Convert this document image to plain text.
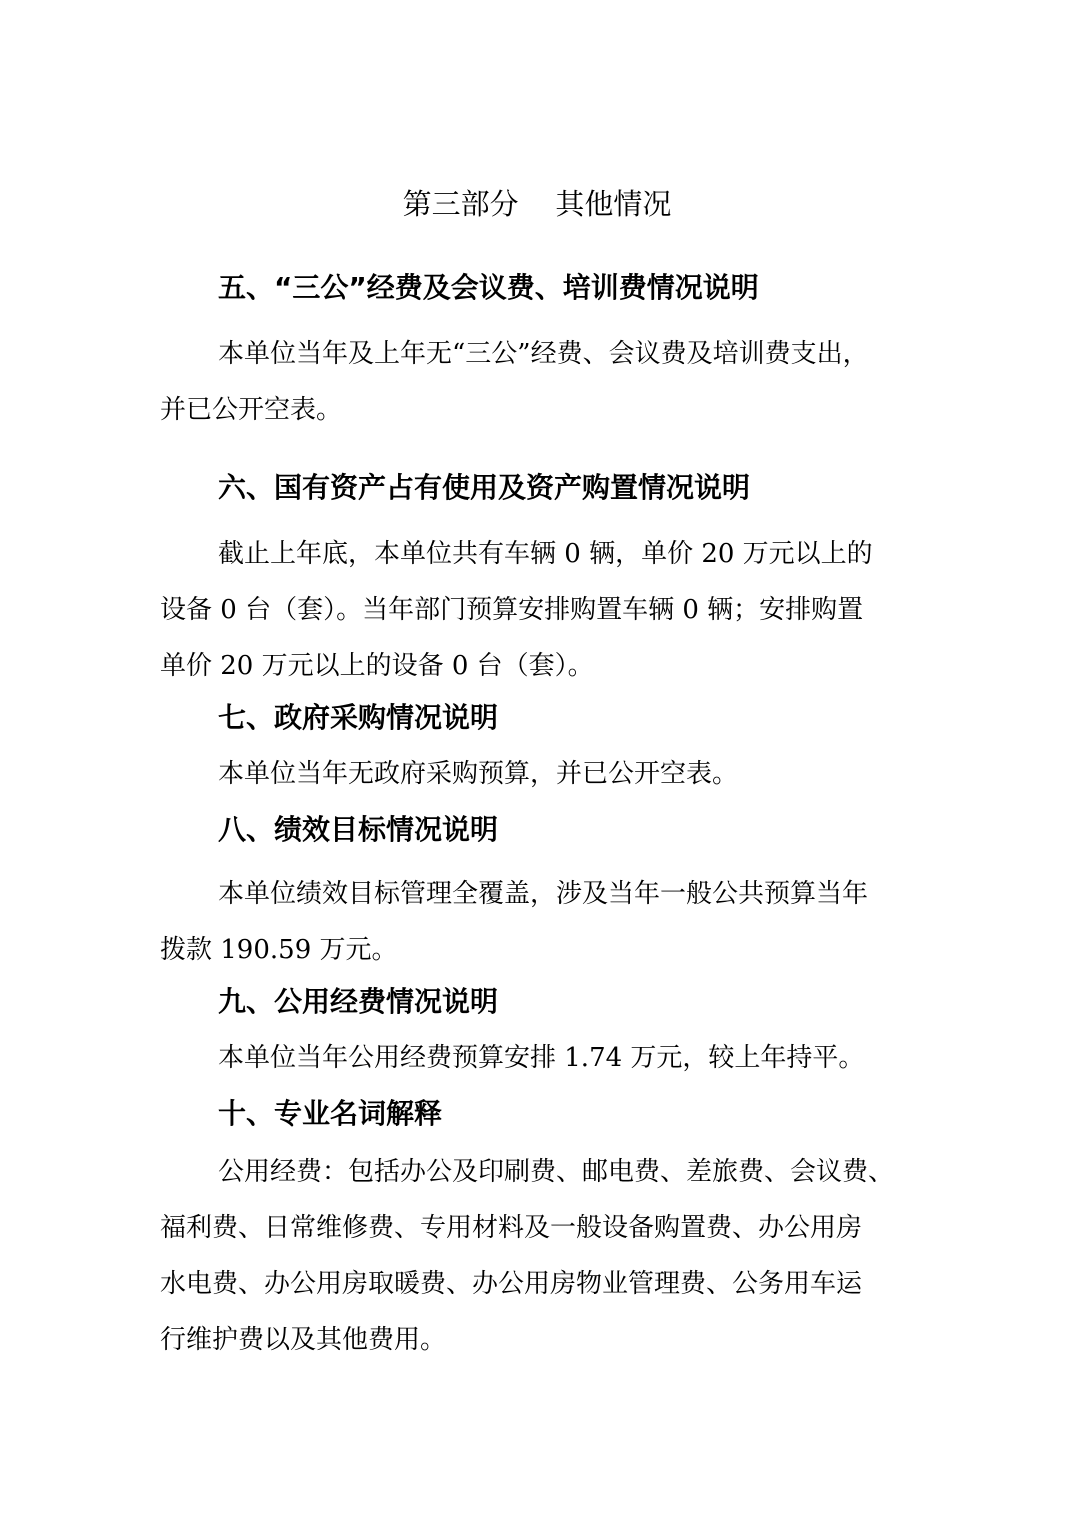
第三部分    其他情况
五、“三公”经费及会议费、培训费情况说明
本单位当年及上年无“三公”经费、会议费及培训费支出，
并已公开空表。
六、国有资产占有使用及资产购置情况说明
截止上年底，本单位共有车辆 0 辆，单价 20 万元以上的
设备 0 台（套）。当年部门预算安排购置车辆 0 辆；安排购置
单价 20 万元以上的设备 0 台（套）。
七、政府采购情况说明
本单位当年无政府采购预算，并已公开空表。
八、绩效目标情况说明
本单位绩效目标管理全覆盖，涉及当年一般公共预算当年
拨款 190.59 万元。
九、公用经费情况说明
本单位当年公用经费预算安排 1.74 万元，较上年持平。
十、专业名词解释
公用经费：包括办公及印刷费、邮电费、差旅费、会议费、
福利费、日常维修费、专用材料及一般设备购置费、办公用房
水电费、办公用房取暖费、办公用房物业管理费、公务用车运
行维护费以及其他费用。
